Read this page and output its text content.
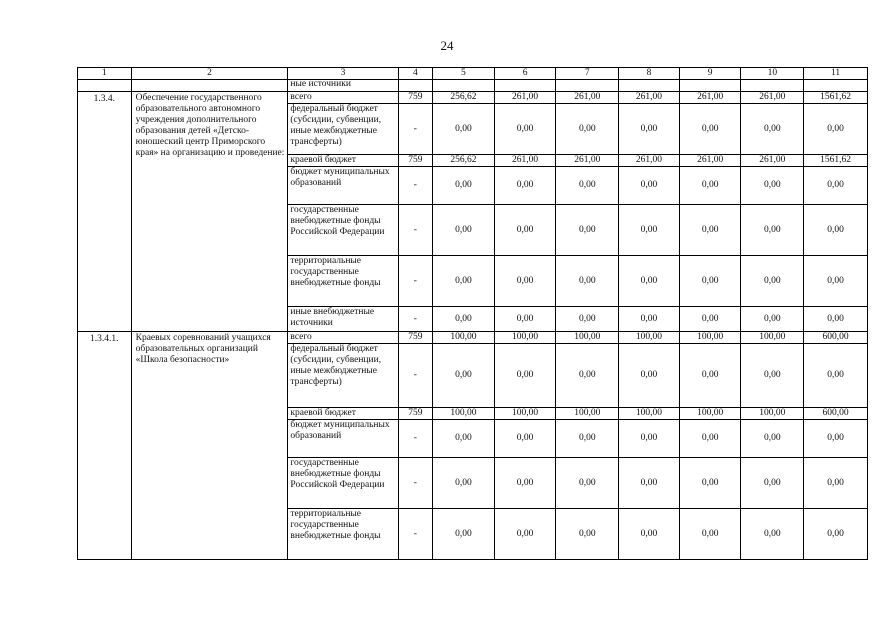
24
1	2	3	4	5	6	7	8	9	10	11
		ные источники								
1.3.4.	Обеспечение государственного образовательного автономного учреждения дополнительного образования детей «Детско-юношеский центр Приморского края» на организацию и проведение:	всего	759	256,62	261,00	261,00	261,00	261,00	261,00	1561,62
		федеральный бюджет (субсидии, субвенции, иные межбюджетные трансферты)	-	0,00	0,00	0,00	0,00	0,00	0,00	0,00
		краевой бюджет	759	256,62	261,00	261,00	261,00	261,00	261,00	1561,62
		бюджет муниципальных образований	-	0,00	0,00	0,00	0,00	0,00	0,00	0,00
		государственные внебюджетные фонды Российской Федерации	-	0,00	0,00	0,00	0,00	0,00	0,00	0,00
		территориальные государственные внебюджетные фонды	-	0,00	0,00	0,00	0,00	0,00	0,00	0,00
		иные внебюджетные источники	-	0,00	0,00	0,00	0,00	0,00	0,00	0,00
1.3.4.1.	Краевых соревнований учащихся образовательных организаций «Школа безопасности»	всего	759	100,00	100,00	100,00	100,00	100,00	100,00	600,00
		федеральный бюджет (субсидии, субвенции, иные межбюджетные трансферты)	-	0,00	0,00	0,00	0,00	0,00	0,00	0,00
		краевой бюджет	759	100,00	100,00	100,00	100,00	100,00	100,00	600,00
		бюджет муниципальных образований	-	0,00	0,00	0,00	0,00	0,00	0,00	0,00
		государственные внебюджетные фонды Российской Федерации	-	0,00	0,00	0,00	0,00	0,00	0,00	0,00
		территориальные государственные внебюджетные фонды	-	0,00	0,00	0,00	0,00	0,00	0,00	0,00
